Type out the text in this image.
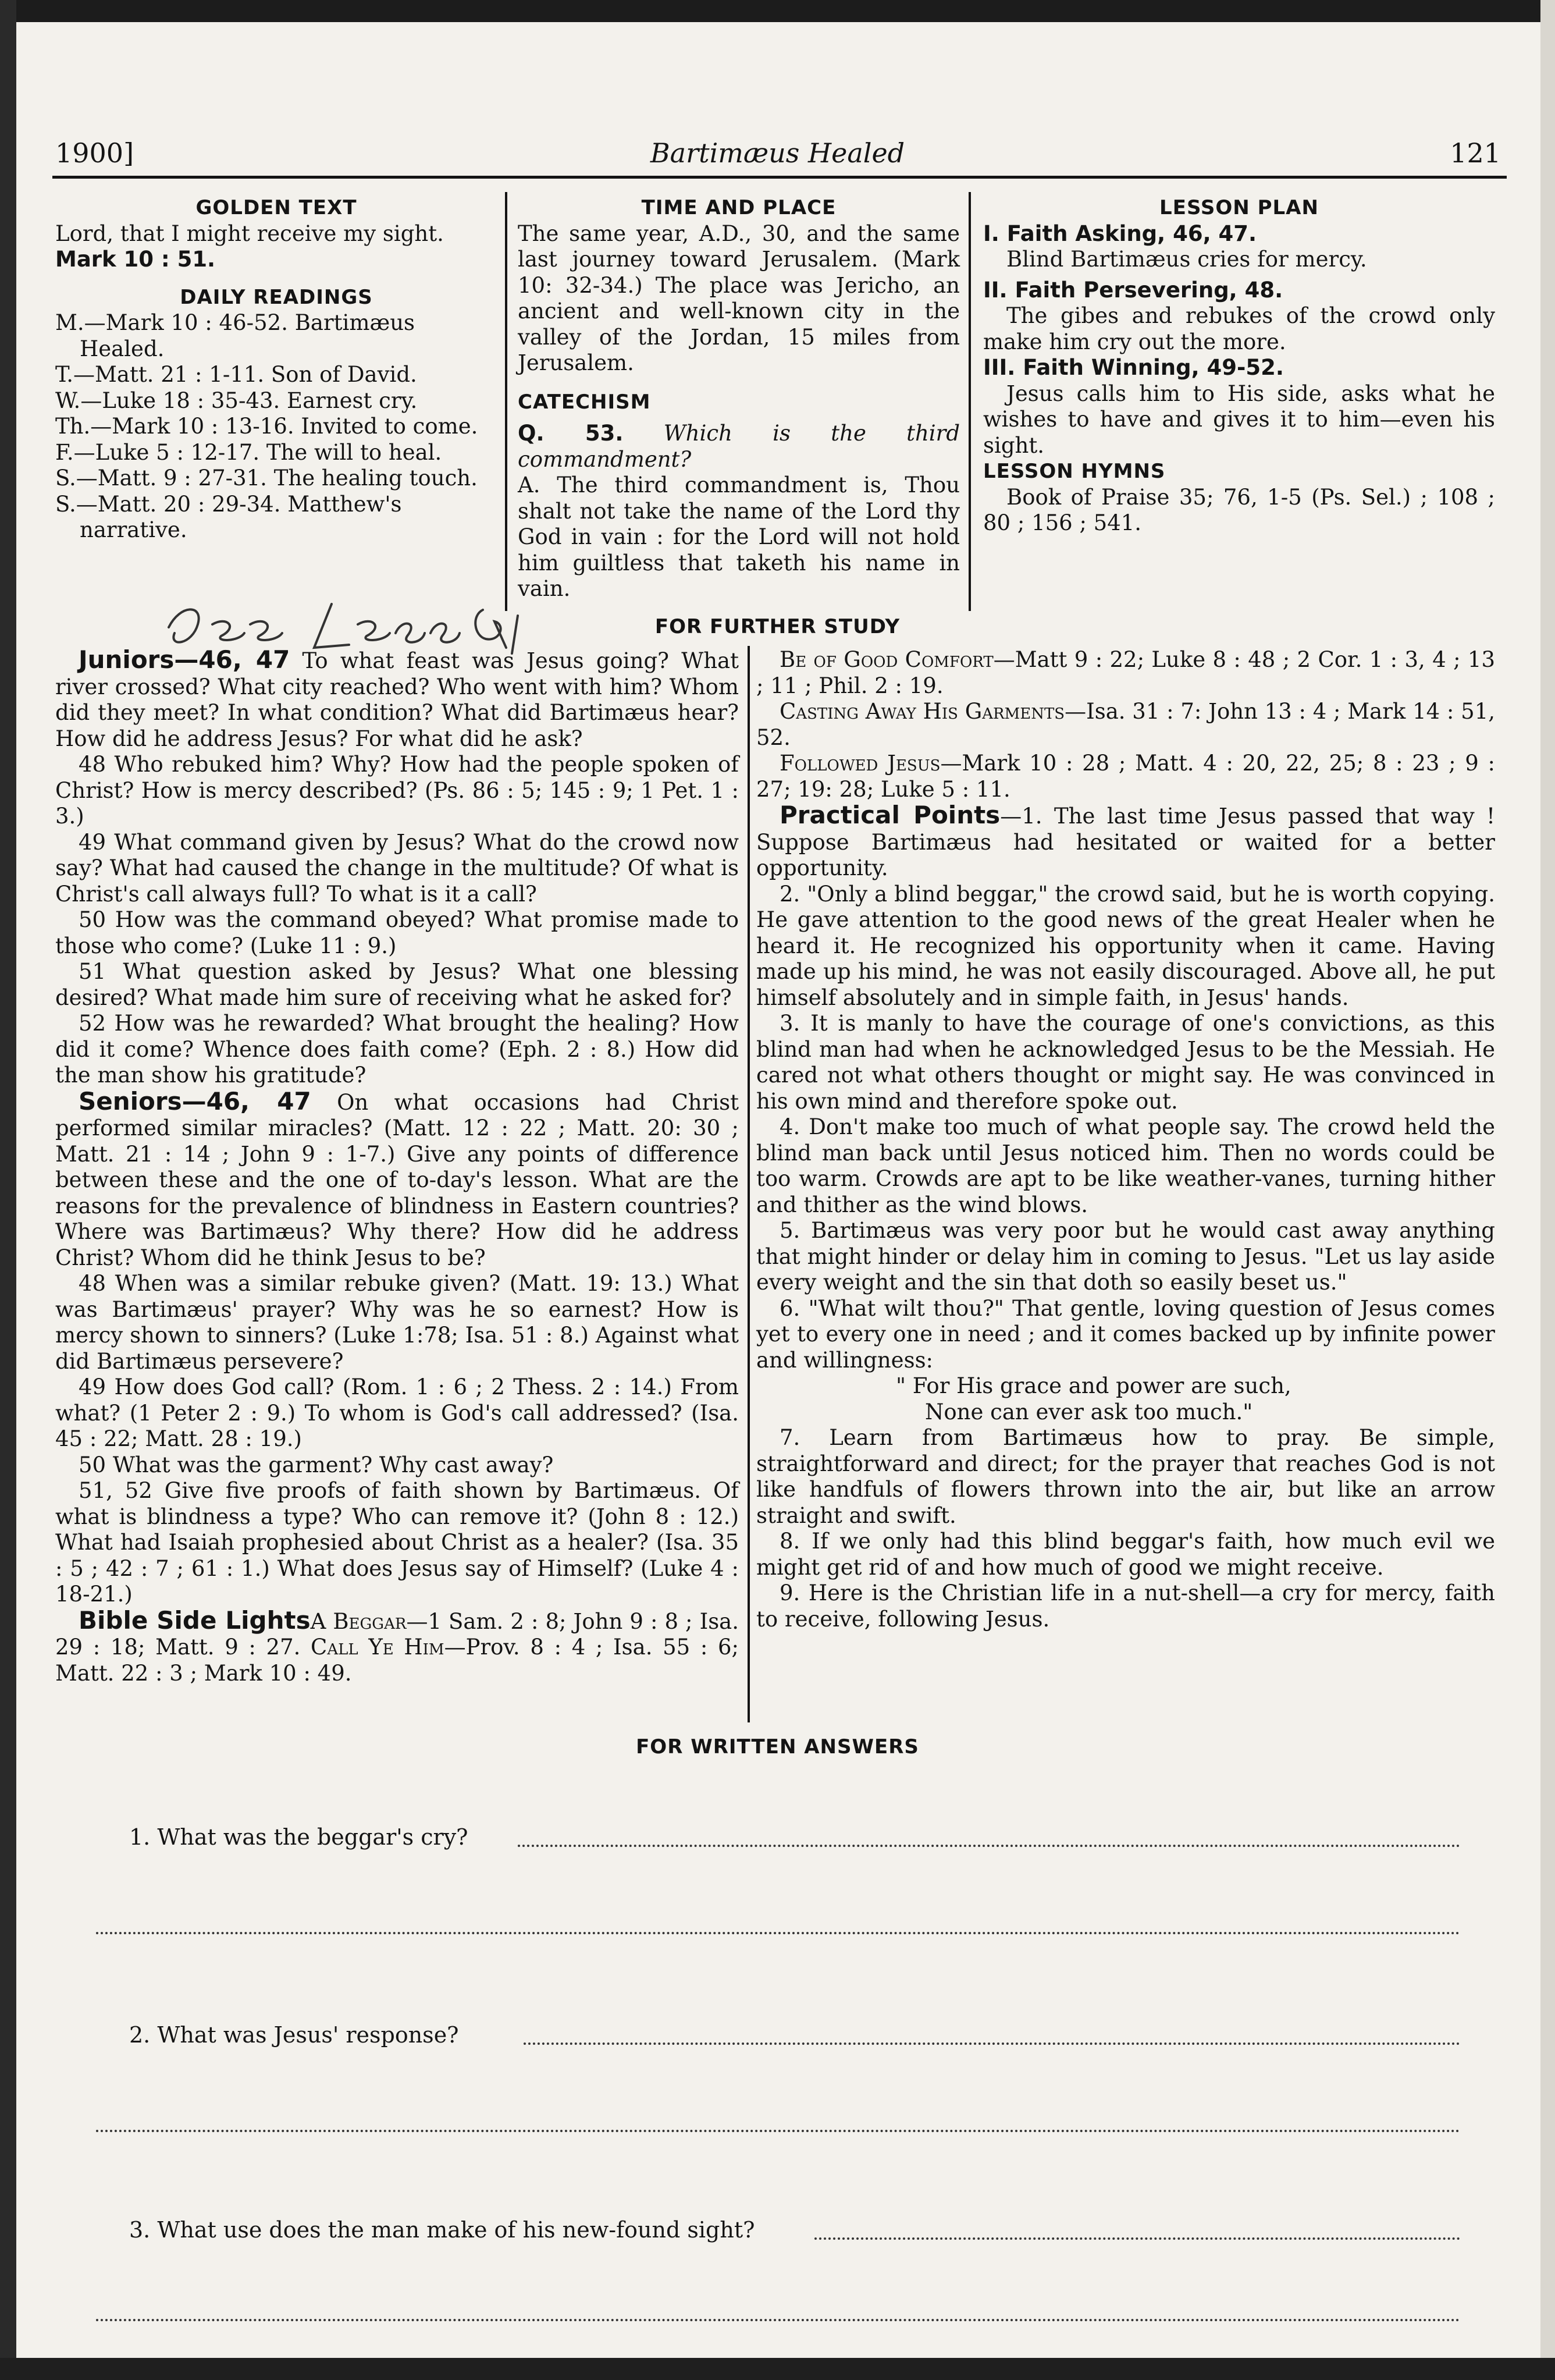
1900]	Bartimæus Healed	121
GOLDEN TEXT

Lord, that I might receive my sight. Mark 10 : 51.

DAILY READINGS

M.—Mark 10 : 46-52. Bartimæus Healed.

T.—Matt. 21 : 1-11. Son of David.

W.—Luke 18 : 35-43. Earnest cry.

Th.—Mark 10 : 13-16. Invited to come.

F.—Luke 5 : 12-17. The will to heal.

S.—Matt. 9 : 27-31. The healing touch.

S.—Matt. 20 : 29-34. Matthew's narrative.

TIME AND PLACE

The same year, A.D., 30, and the same last journey toward Jerusalem. (Mark 10: 32-34.) The place was Jericho, an ancient and well-known city in the valley of the Jordan, 15 miles from Jerusalem.

CATECHISM

Q. 53. Which is the third commandment?

A. The third commandment is, Thou shalt not take the name of the Lord thy God in vain : for the Lord will not hold him guiltless that taketh his name in vain.

LESSON PLAN

I. Faith Asking, 46, 47.

Blind Bartimæus cries for mercy.

II. Faith Persevering, 48.

The gibes and rebukes of the crowd only make him cry out the more.

III. Faith Winning, 49-52.

Jesus calls him to His side, asks what he wishes to have and gives it to him—even his sight.

LESSON HYMNS

Book of Praise 35; 76, 1-5 (Ps. Sel.) ; 108 ; 80 ; 156 ; 541.

FOR FURTHER STUDY

Juniors—46, 47 To what feast was Jesus going? What river crossed? What city reached? Who went with him? Whom did they meet? In what condition? What did Bartimæus hear? How did he address Jesus? For what did he ask?

48 Who rebuked him? Why? How had the people spoken of Christ? How is mercy described? (Ps. 86 : 5; 145 : 9; 1 Pet. 1 : 3.)

49 What command given by Jesus? What do the crowd now say? What had caused the change in the multitude? Of what is Christ's call always full? To what is it a call?

50 How was the command obeyed? What promise made to those who come? (Luke 11 : 9.)

51 What question asked by Jesus? What one blessing desired? What made him sure of receiving what he asked for?

52 How was he rewarded? What brought the healing? How did it come? Whence does faith come? (Eph. 2 : 8.) How did the man show his gratitude?

Seniors—46, 47 On what occasions had Christ performed similar miracles? (Matt. 12 : 22 ; Matt. 20: 30 ; Matt. 21 : 14 ; John 9 : 1-7.) Give any points of difference between these and the one of to-day's lesson. What are the reasons for the prevalence of blindness in Eastern countries? Where was Bartimæus? Why there? How did he address Christ? Whom did he think Jesus to be?

48 When was a similar rebuke given? (Matt. 19: 13.) What was Bartimæus' prayer? Why was he so earnest? How is mercy shown to sinners? (Luke 1:78; Isa. 51 : 8.) Against what did Bartimæus persevere?

49 How does God call? (Rom. 1 : 6 ; 2 Thess. 2 : 14.) From what? (1 Peter 2 : 9.) To whom is God's call addressed? (Isa. 45 : 22; Matt. 28 : 19.)

50 What was the garment? Why cast away?

51, 52 Give five proofs of faith shown by Bartimæus. Of what is blindness a type? Who can remove it? (John 8 : 12.) What had Isaiah prophesied about Christ as a healer? (Isa. 35 : 5 ; 42 : 7 ; 61 : 1.) What does Jesus say of Himself? (Luke 4 : 18-21.)

Bible Side LightsA Beggar—1 Sam. 2 : 8; John 9 : 8 ; Isa. 29 : 18; Matt. 9 : 27. Call Ye Him—Prov. 8 : 4 ; Isa. 55 : 6; Matt. 22 : 3 ; Mark 10 : 49.

Be of Good Comfort—Matt 9 : 22; Luke 8 : 48 ; 2 Cor. 1 : 3, 4 ; 13 ; 11 ; Phil. 2 : 19.

Casting Away His Garments—Isa. 31 : 7: John 13 : 4 ; Mark 14 : 51, 52.

Followed Jesus—Mark 10 : 28 ; Matt. 4 : 20, 22, 25; 8 : 23 ; 9 : 27; 19: 28; Luke 5 : 11.

Practical Points—1. The last time Jesus passed that way ! Suppose Bartimæus had hesitated or waited for a better opportunity.

2. "Only a blind beggar," the crowd said, but he is worth copying. He gave attention to the good news of the great Healer when he heard it. He recognized his opportunity when it came. Having made up his mind, he was not easily discouraged. Above all, he put himself absolutely and in simple faith, in Jesus' hands.

3. It is manly to have the courage of one's convictions, as this blind man had when he acknowledged Jesus to be the Messiah. He cared not what others thought or might say. He was convinced in his own mind and therefore spoke out.

4. Don't make too much of what people say. The crowd held the blind man back until Jesus noticed him. Then no words could be too warm. Crowds are apt to be like weather-vanes, turning hither and thither as the wind blows.

5. Bartimæus was very poor but he would cast away anything that might hinder or delay him in coming to Jesus. "Let us lay aside every weight and the sin that doth so easily beset us."

6. "What wilt thou?" That gentle, loving question of Jesus comes yet to every one in need ; and it comes backed up by infinite power and willingness:

" For His grace and power are such,

None can ever ask too much."

7. Learn from Bartimæus how to pray. Be simple, straightforward and direct; for the prayer that reaches God is not like handfuls of flowers thrown into the air, but like an arrow straight and swift.

8. If we only had this blind beggar's faith, how much evil we might get rid of and how much of good we might receive.

9. Here is the Christian life in a nut-shell—a cry for mercy, faith to receive, following Jesus.

FOR WRITTEN ANSWERS
1. What was the beggar's cry?
2. What was Jesus' response?
3. What use does the man make of his new-found sight?
